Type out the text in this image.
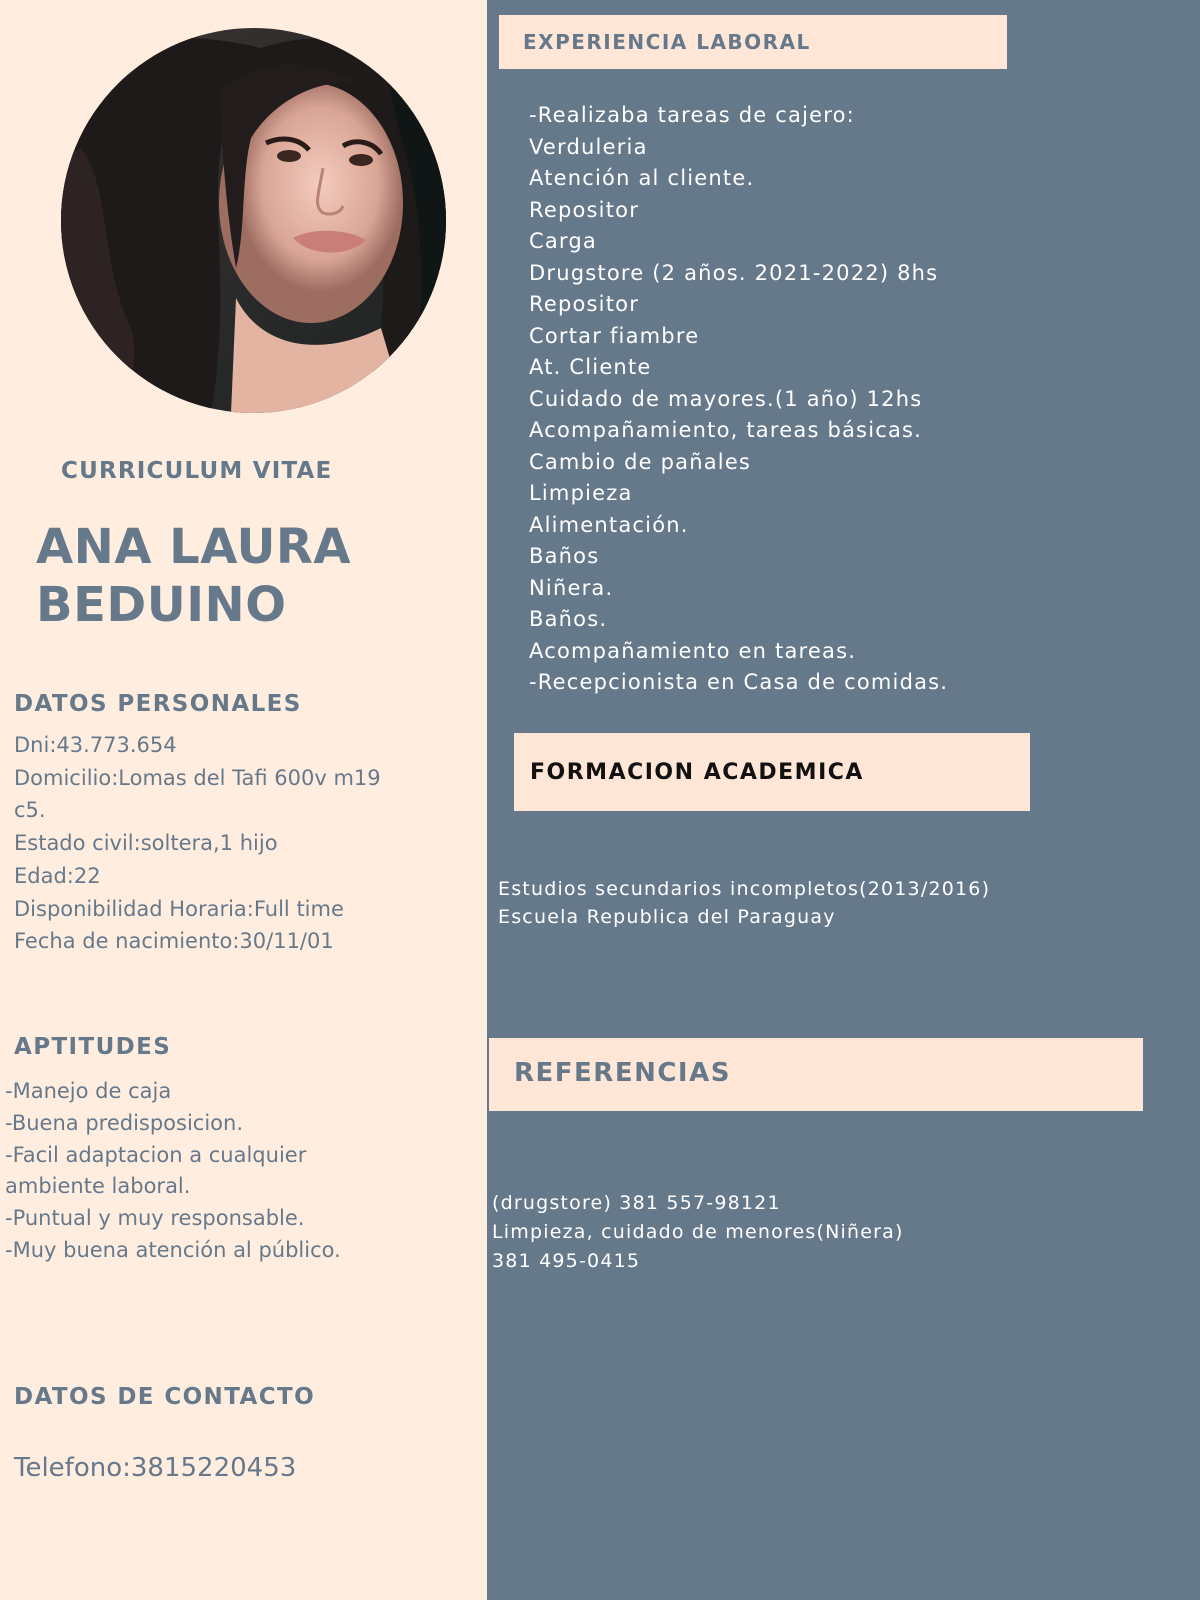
CURRICULUM VITAE
ANA LAURA
BEDUINO
DATOS PERSONALES
Dni:43.773.654
Domicilio:Lomas del Tafi 600v m19
c5.
Estado civil:soltera,1 hijo
Edad:22
Disponibilidad Horaria:Full time
Fecha de nacimiento:30/11/01
APTITUDES
-Manejo de caja
-Buena predisposicion.
-Facil adaptacion a cualquier
ambiente laboral.
-Puntual y muy responsable.
-Muy buena atención al público.
DATOS DE CONTACTO
Telefono:3815220453
EXPERIENCIA LABORAL
-Realizaba tareas de cajero:
Verduleria
Atención al cliente.
Repositor
Carga
Drugstore (2 años. 2021-2022) 8hs
Repositor
Cortar fiambre
At. Cliente
Cuidado de mayores.(1 año) 12hs
Acompañamiento, tareas básicas.
Cambio de pañales
Limpieza
Alimentación.
Baños
Niñera.
Baños.
Acompañamiento en tareas.
-Recepcionista en Casa de comidas.
FORMACION ACADEMICA
Estudios secundarios incompletos(2013/2016)
Escuela Republica del Paraguay
REFERENCIAS
(drugstore) 381 557-98121
Limpieza, cuidado de menores(Niñera)
381 495-0415
